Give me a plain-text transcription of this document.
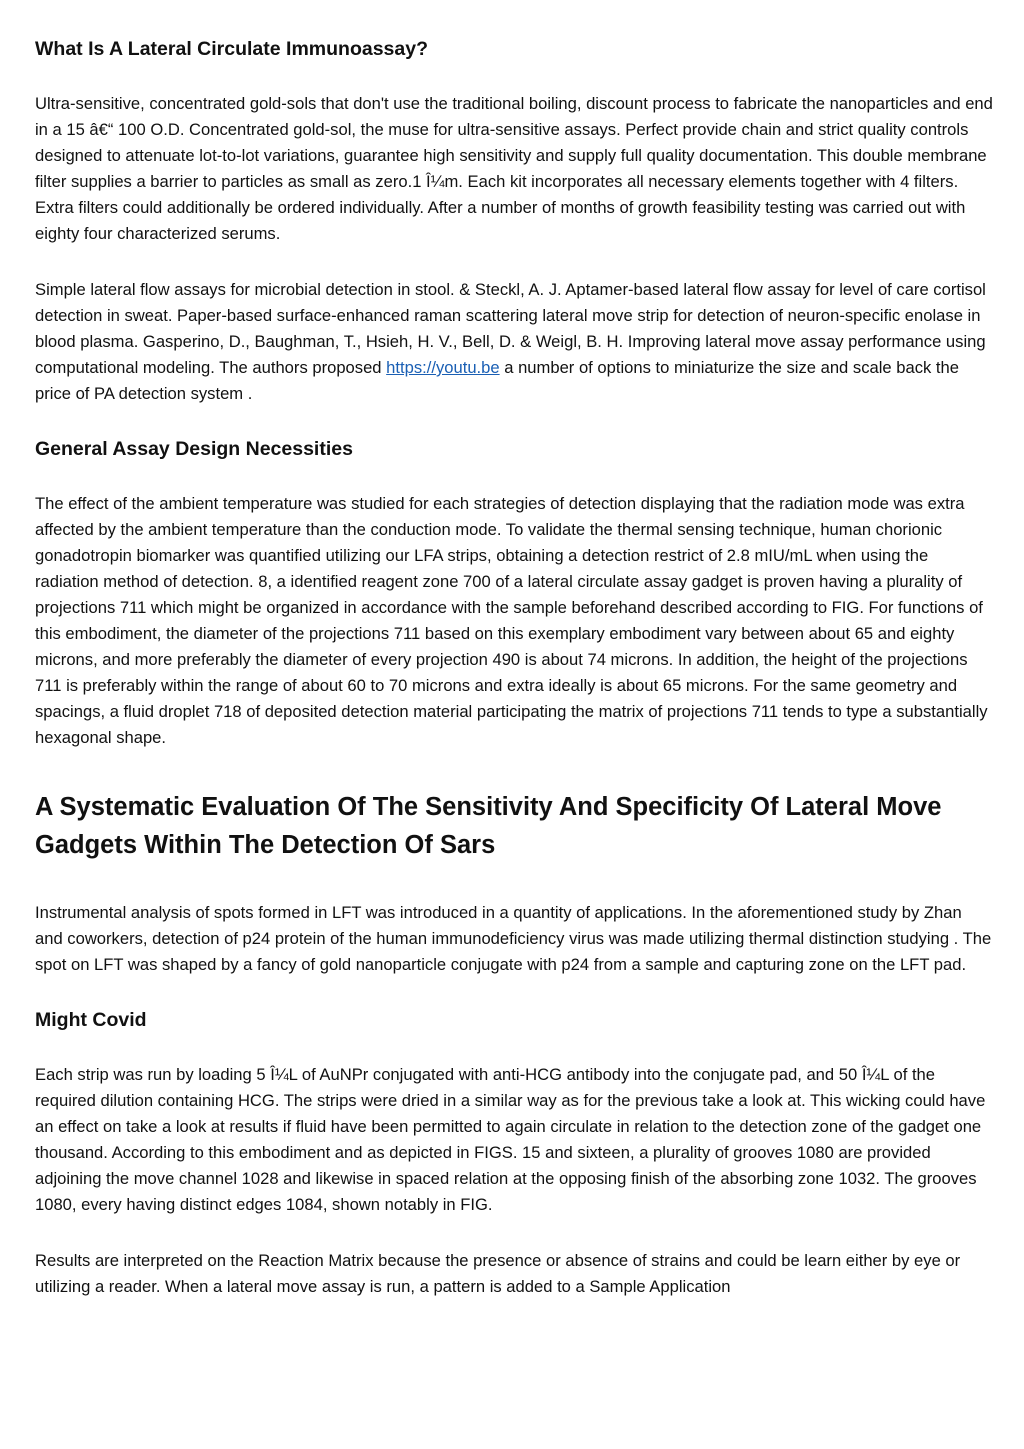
What Is A Lateral Circulate Immunoassay?

Ultra-sensitive, concentrated gold-sols that don't use the traditional boiling, discount process to fabricate the nanoparticles and end in a 15 â€“ 100 O.D. Concentrated gold-sol, the muse for ultra-sensitive assays. Perfect provide chain and strict quality controls designed to attenuate lot-to-lot variations, guarantee high sensitivity and supply full quality documentation. This double membrane filter supplies a barrier to particles as small as zero.1 Î¼m. Each kit incorporates all necessary elements together with 4 filters. Extra filters could additionally be ordered individually. After a number of months of growth feasibility testing was carried out with eighty four characterized serums.

Simple lateral flow assays for microbial detection in stool. & Steckl, A. J. Aptamer-based lateral flow assay for level of care cortisol detection in sweat. Paper-based surface-enhanced raman scattering lateral move strip for detection of neuron-specific enolase in blood plasma. Gasperino, D., Baughman, T., Hsieh, H. V., Bell, D. & Weigl, B. H. Improving lateral move assay performance using computational modeling. The authors proposed https://youtu.be a number of options to miniaturize the size and scale back the price of PA detection system .

General Assay Design Necessities

The effect of the ambient temperature was studied for each strategies of detection displaying that the radiation mode was extra affected by the ambient temperature than the conduction mode. To validate the thermal sensing technique, human chorionic gonadotropin biomarker was quantified utilizing our LFA strips, obtaining a detection restrict of 2.8 mIU/mL when using the radiation method of detection. 8, a identified reagent zone 700 of a lateral circulate assay gadget is proven having a plurality of projections 711 which might be organized in accordance with the sample beforehand described according to FIG. For functions of this embodiment, the diameter of the projections 711 based on this exemplary embodiment vary between about 65 and eighty microns, and more preferably the diameter of every projection 490 is about 74 microns. In addition, the height of the projections 711 is preferably within the range of about 60 to 70 microns and extra ideally is about 65 microns. For the same geometry and spacings, a fluid droplet 718 of deposited detection material participating the matrix of projections 711 tends to type a substantially hexagonal shape.

A Systematic Evaluation Of The Sensitivity And Specificity Of Lateral Move Gadgets Within The Detection Of Sars

Instrumental analysis of spots formed in LFT was introduced in a quantity of applications. In the aforementioned study by Zhan and coworkers, detection of p24 protein of the human immunodeficiency virus was made utilizing thermal distinction studying . The spot on LFT was shaped by a fancy of gold nanoparticle conjugate with p24 from a sample and capturing zone on the LFT pad.

Might Covid

Each strip was run by loading 5 Î¼L of AuNPr conjugated with anti-HCG antibody into the conjugate pad, and 50 Î¼L of the required dilution containing HCG. The strips were dried in a similar way as for the previous take a look at. This wicking could have an effect on take a look at results if fluid have been permitted to again circulate in relation to the detection zone of the gadget one thousand. According to this embodiment and as depicted in FIGS. 15 and sixteen, a plurality of grooves 1080 are provided adjoining the move channel 1028 and likewise in spaced relation at the opposing finish of the absorbing zone 1032. The grooves 1080, every having distinct edges 1084, shown notably in FIG.

Results are interpreted on the Reaction Matrix because the presence or absence of strains and could be learn either by eye or utilizing a reader. When a lateral move assay is run, a pattern is added to a Sample Application
